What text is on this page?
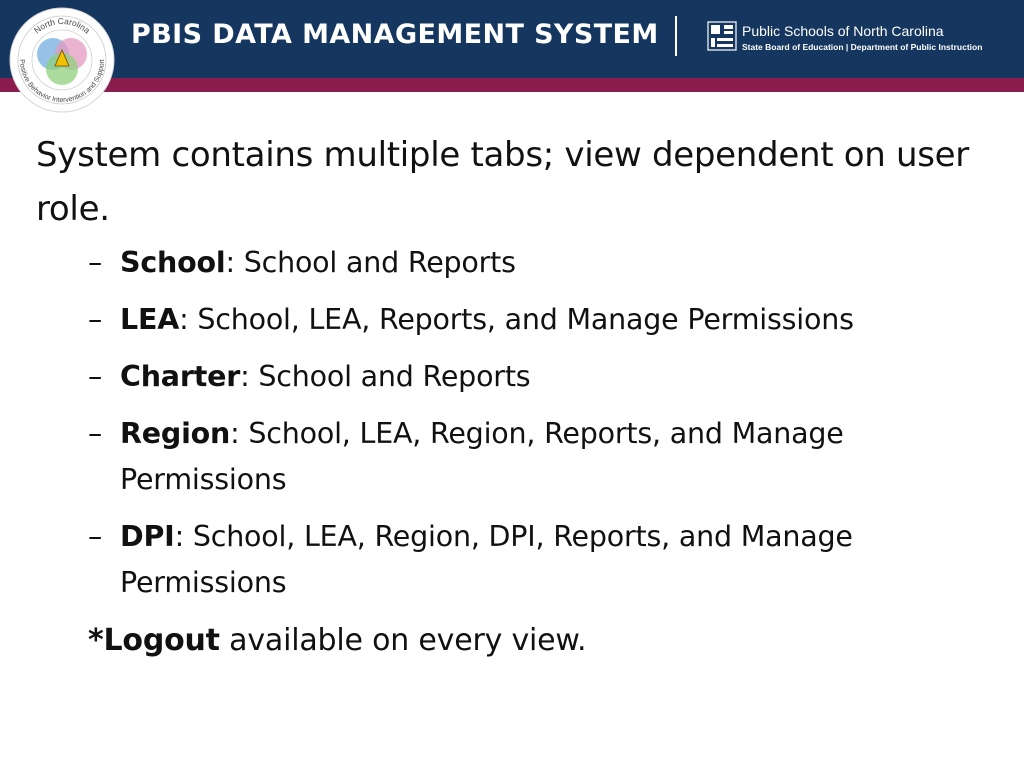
North Carolina
Positive Behavior Intervention and Support
PBIS DATA MANAGEMENT SYSTEM	Public Schools of North Carolina
State Board of Education | Department of Public Instruction

System contains multiple tabs; view dependent on user role.

– School: School and Reports
– LEA: School, LEA, Reports, and Manage Permissions
– Charter: School and Reports
– Region: School, LEA, Region, Reports, and Manage Permissions
– DPI: School, LEA, Region, DPI, Reports, and Manage Permissions

*Logout available on every view.
